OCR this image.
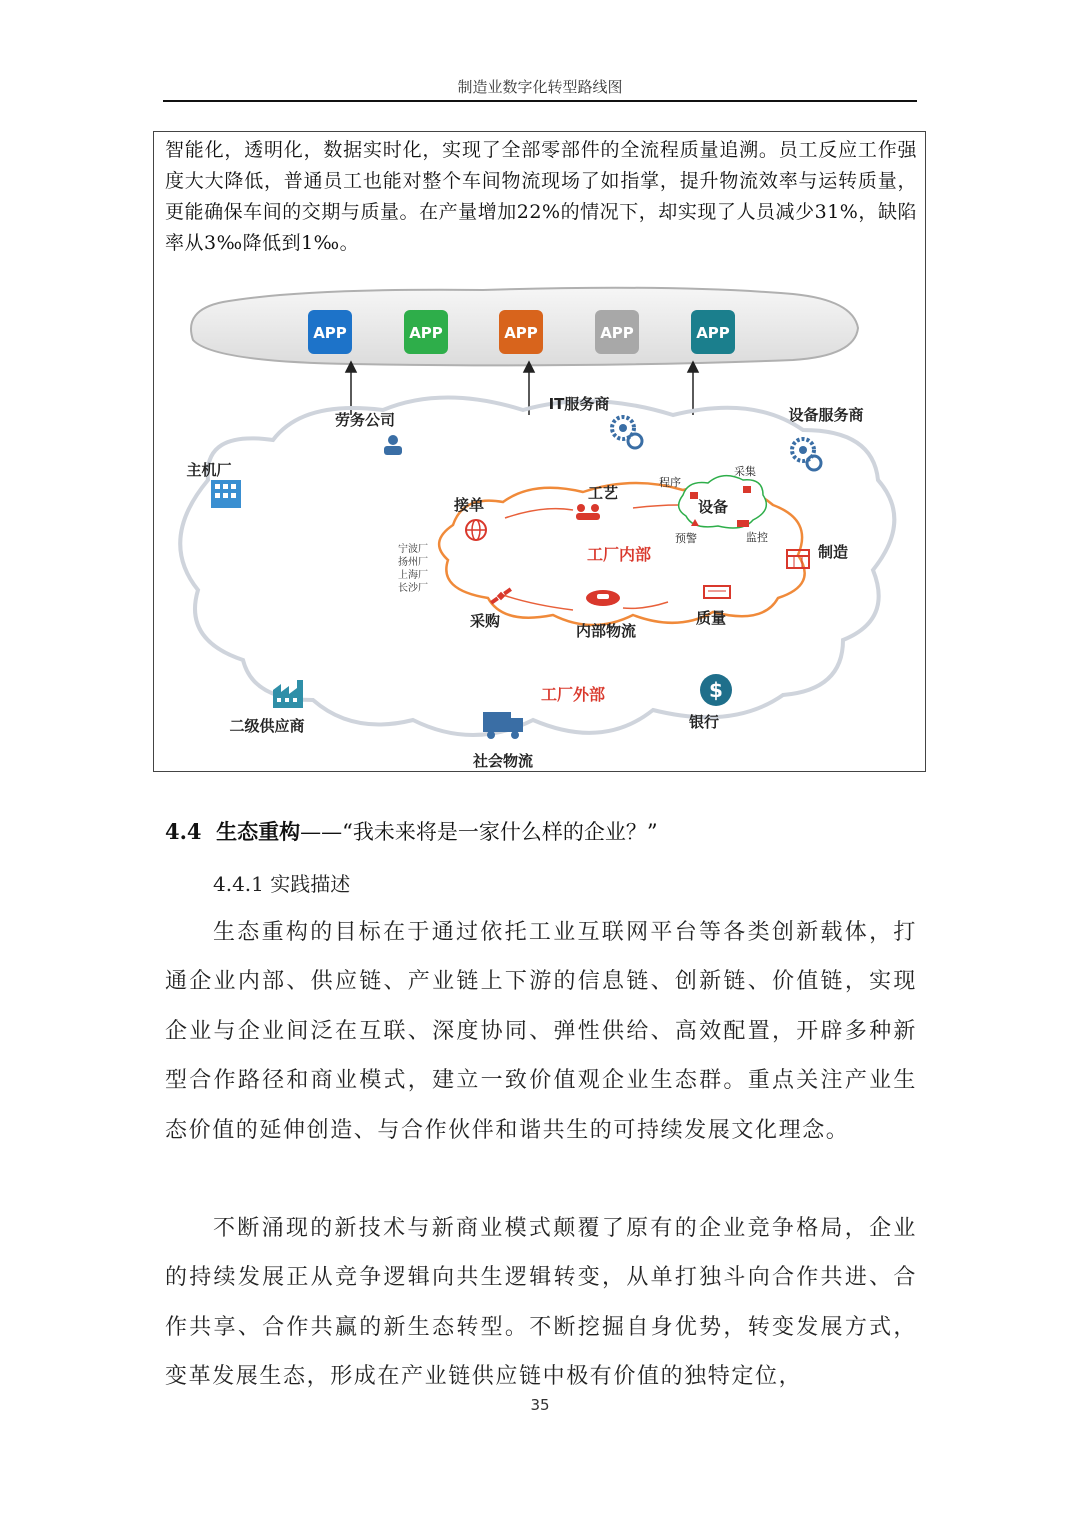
制造业数字化转型路线图
智能化，透明化，数据实时化，实现了全部零部件的全流程质量追溯。员工反应工作强度大大降低，普通员工也能对整个车间物流现场了如指掌，提升物流效率与运转质量，更能确保车间的交期与质量。在产量增加22%的情况下，却实现了人员减少31%，缺陷率从3‰降低到1‰。
APP	APP	APP	APP	APP
$
劳务公司
IT服务商
设备服务商
主机厂
制造
二级供应商
社会物流
银行
工厂外部
工厂内部
接单
工艺
设备
程序
采集
预警	监控
采购
内部物流
质量
宁波厂
扬州厂
上海厂
长沙厂
4.4 生态重构——“我未来将是一家什么样的企业？”
4.4.1 实践描述
生态重构的目标在于通过依托工业互联网平台等各类创新载体，打通企业内部、供应链、产业链上下游的信息链、创新链、价值链，实现企业与企业间泛在互联、深度协同、弹性供给、高效配置，开辟多种新型合作路径和商业模式，建立一致价值观企业生态群。重点关注产业生态价值的延伸创造、与合作伙伴和谐共生的可持续发展文化理念。
不断涌现的新技术与新商业模式颠覆了原有的企业竞争格局，企业的持续发展正从竞争逻辑向共生逻辑转变，从单打独斗向合作共进、合作共享、合作共赢的新生态转型。不断挖掘自身优势，转变发展方式，变革发展生态，形成在产业链供应链中极有价值的独特定位，
35
